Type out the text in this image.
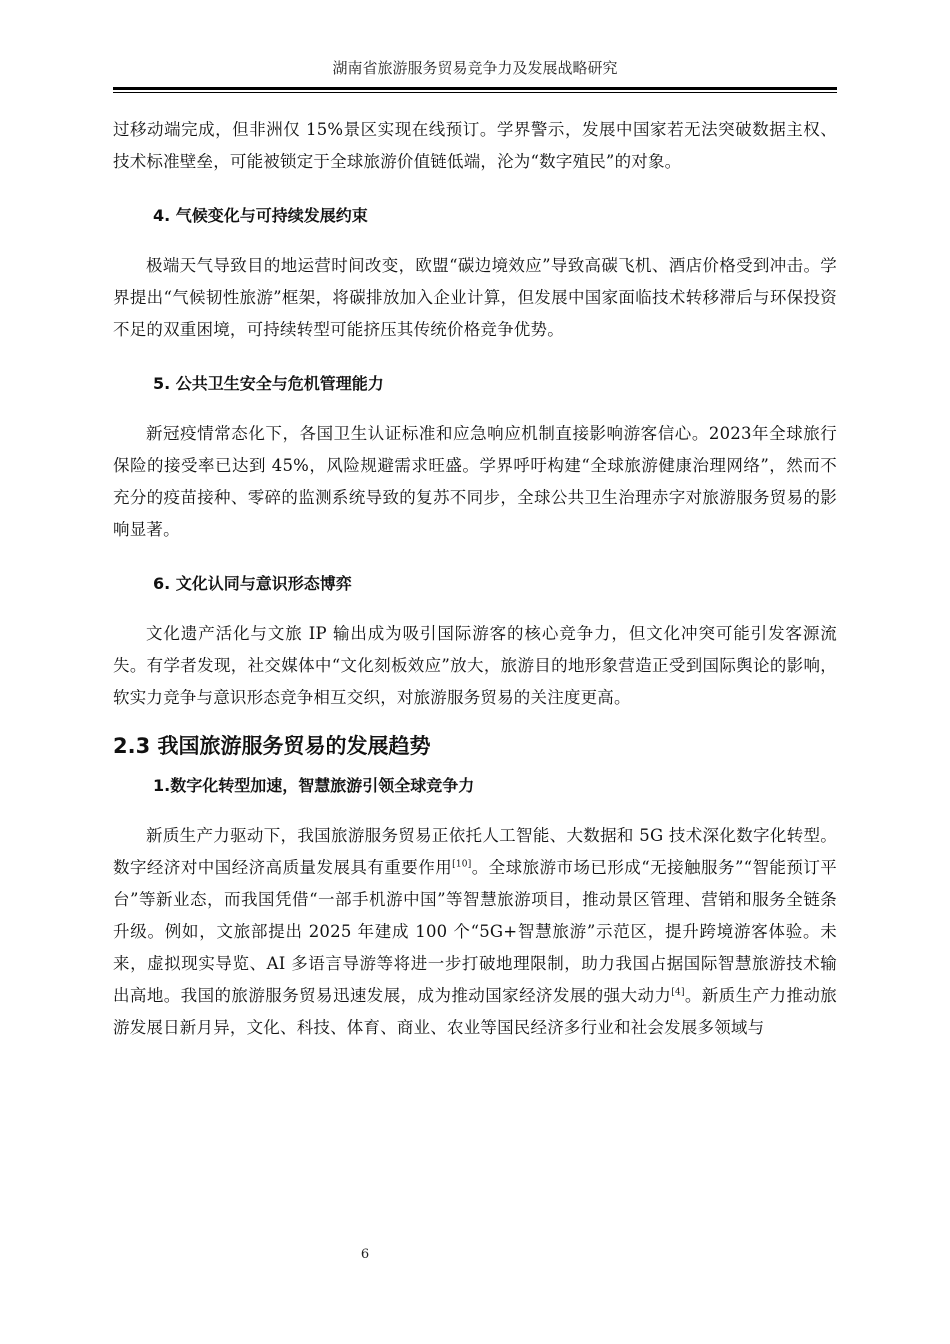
湖南省旅游服务贸易竞争力及发展战略研究

过移动端完成，但非洲仅 15%景区实现在线预订。学界警示，发展中国家若无法突破数据主权、技术标准壁垒，可能被锁定于全球旅游价值链低端，沦为“数字殖民”的对象。

4. 气候变化与可持续发展约束

极端天气导致目的地运营时间改变，欧盟“碳边境效应”导致高碳飞机、酒店价格受到冲击。学界提出“气候韧性旅游”框架，将碳排放加入企业计算，但发展中国家面临技术转移滞后与环保投资不足的双重困境，可持续转型可能挤压其传统价格竞争优势。

5. 公共卫生安全与危机管理能力

新冠疫情常态化下，各国卫生认证标准和应急响应机制直接影响游客信心。2023年全球旅行保险的接受率已达到 45%，风险规避需求旺盛。学界呼吁构建“全球旅游健康治理网络”，然而不充分的疫苗接种、零碎的监测系统导致的复苏不同步，全球公共卫生治理赤字对旅游服务贸易的影响显著。

6. 文化认同与意识形态博弈

文化遗产活化与文旅 IP 输出成为吸引国际游客的核心竞争力，但文化冲突可能引发客源流失。有学者发现，社交媒体中“文化刻板效应”放大，旅游目的地形象营造正受到国际舆论的影响，软实力竞争与意识形态竞争相互交织，对旅游服务贸易的关注度更高。

2.3 我国旅游服务贸易的发展趋势
1.数字化转型加速，智慧旅游引领全球竞争力

新质生产力驱动下，我国旅游服务贸易正依托人工智能、大数据和 5G 技术深化数字化转型。数字经济对中国经济高质量发展具有重要作用[10]。全球旅游市场已形成“无接触服务”“智能预订平台”等新业态，而我国凭借“一部手机游中国”等智慧旅游项目，推动景区管理、营销和服务全链条升级。例如，文旅部提出 2025 年建成 100 个“5G+智慧旅游”示范区，提升跨境游客体验。未来，虚拟现实导览、AI 多语言导游等将进一步打破地理限制，助力我国占据国际智慧旅游技术输出高地。我国的旅游服务贸易迅速发展，成为推动国家经济发展的强大动力[4]。新质生产力推动旅游发展日新月异，文化、科技、体育、商业、农业等国民经济多行业和社会发展多领域与

6
